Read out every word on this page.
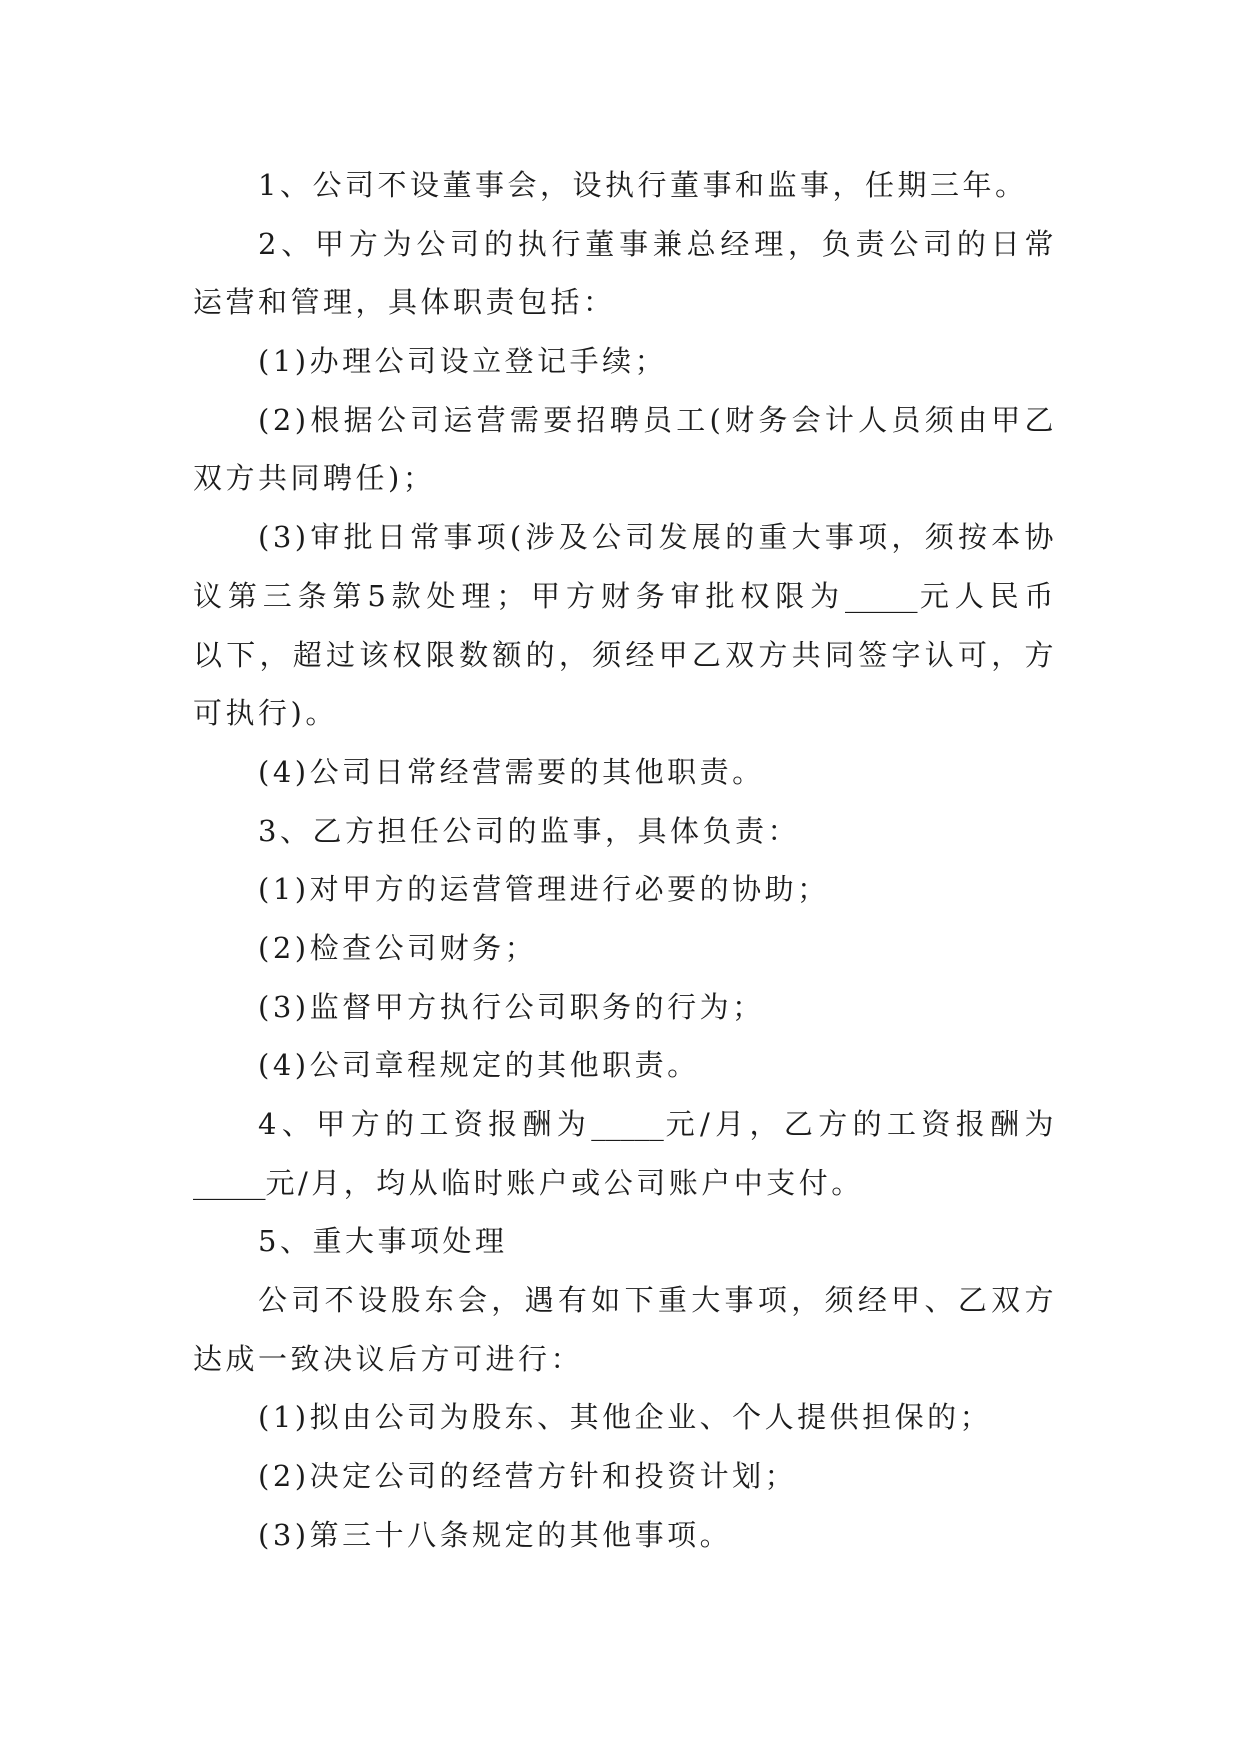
1、公司不设董事会，设执行董事和监事，任期三年。
2、甲方为公司的执行董事兼总经理，负责公司的日常
运营和管理，具体职责包括：
(1)办理公司设立登记手续；
(2)根据公司运营需要招聘员工(财务会计人员须由甲乙
双方共同聘任)；
(3)审批日常事项(涉及公司发展的重大事项，须按本协
议第三条第5款处理；甲方财务审批权限为_____元人民币
以下，超过该权限数额的，须经甲乙双方共同签字认可，方
可执行)。
(4)公司日常经营需要的其他职责。
3、乙方担任公司的监事，具体负责：
(1)对甲方的运营管理进行必要的协助；
(2)检查公司财务；
(3)监督甲方执行公司职务的行为；
(4)公司章程规定的其他职责。
4、甲方的工资报酬为_____元/月，乙方的工资报酬为
_____元/月，均从临时账户或公司账户中支付。
5、重大事项处理
公司不设股东会，遇有如下重大事项，须经甲、乙双方
达成一致决议后方可进行：
(1)拟由公司为股东、其他企业、个人提供担保的；
(2)决定公司的经营方针和投资计划；
(3)第三十八条规定的其他事项。
